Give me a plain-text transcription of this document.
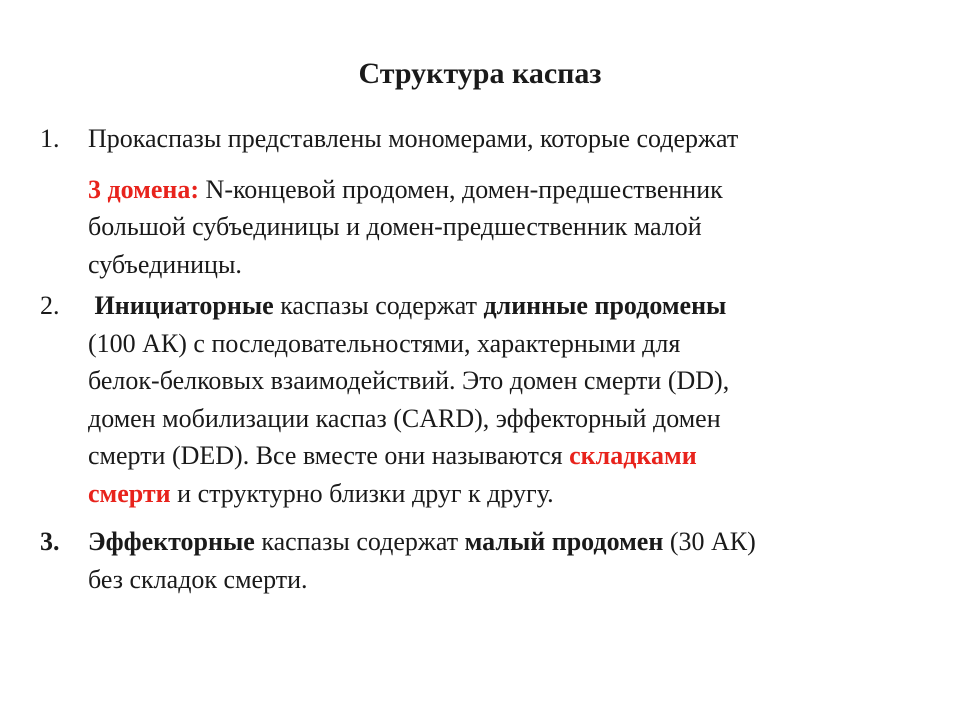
Структура каспаз
1. Прокаспазы представлены мономерами, которые содержат
3 домена: N-концевой продомен, домен-предшественник
большой субъединицы и домен-предшественник малой
субъединицы.
2. Инициаторные каспазы содержат длинные продомены
(100 АК) с последовательностями, характерными для
белок-белковых взаимодействий. Это домен смерти (DD),
домен мобилизации каспаз (CARD), эффекторный домен
смерти (DED). Все вместе они называются складками
смерти и структурно близки друг к другу.
3. Эффекторные каспазы содержат малый продомен (30 АК)
без складок смерти.
